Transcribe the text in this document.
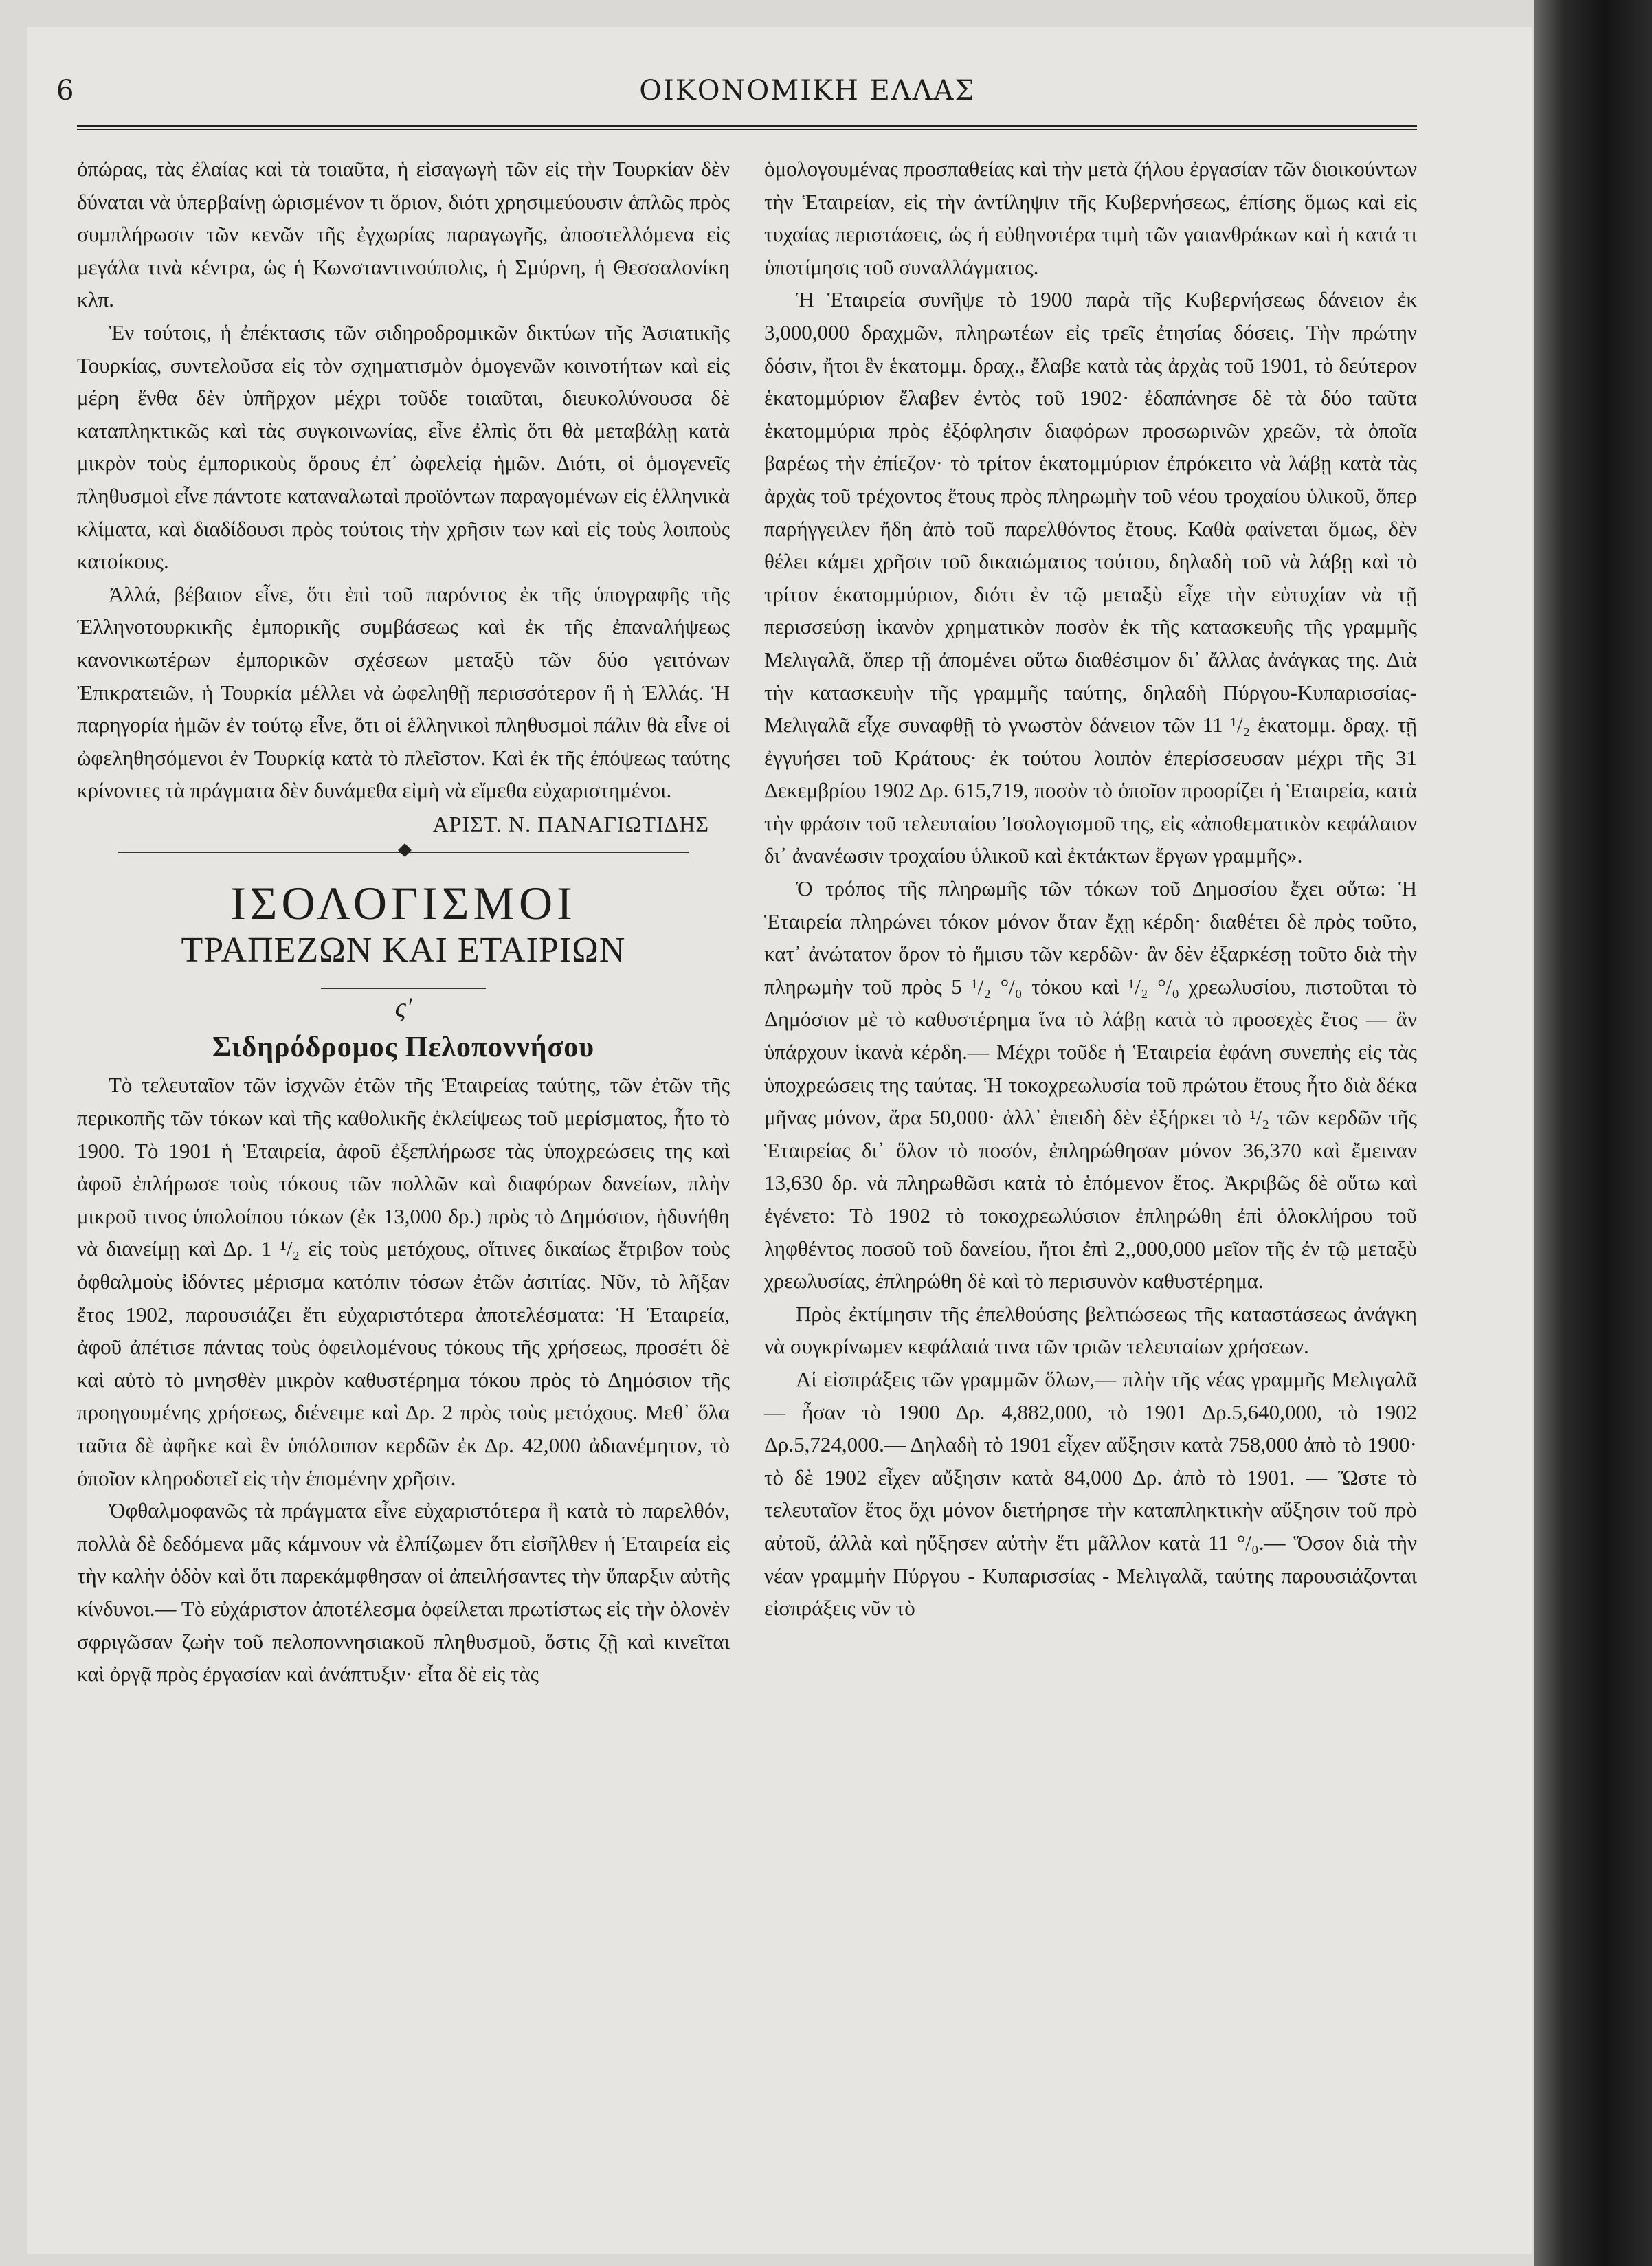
6	ΟΙΚΟΝΟΜΙΚΗ ΕΛΛΑΣ

ὀπώρας, τὰς ἐλαίας καὶ τὰ τοιαῦτα, ἡ εἰσαγωγὴ τῶν εἰς τὴν Τουρκίαν δὲν δύναται νὰ ὑπερβαίνῃ ὡρισμένον τι ὅριον, διότι χρησιμεύουσιν ἁπλῶς πρὸς συμπλήρωσιν τῶν κενῶν τῆς ἐγχωρίας παραγωγῆς, ἀποστελλόμενα εἰς μεγάλα τινὰ κέντρα, ὡς ἡ Κωνσταντινούπολις, ἡ Σμύρνη, ἡ Θεσσαλονίκη κλπ.

Ἐν τούτοις, ἡ ἐπέκτασις τῶν σιδηροδρομικῶν δικτύων τῆς Ἀσιατικῆς Τουρκίας, συντελοῦσα εἰς τὸν σχηματισμὸν ὁμογενῶν κοινοτήτων καὶ εἰς μέρη ἔνθα δὲν ὑπῆρχον μέχρι τοῦδε τοιαῦται, διευκολύνουσα δὲ καταπληκτικῶς καὶ τὰς συγκοινωνίας, εἶνε ἐλπὶς ὅτι θὰ μεταβάλῃ κατὰ μικρὸν τοὺς ἐμπορικοὺς ὅρους ἐπ᾽ ὠφελείᾳ ἡμῶν. Διότι, οἱ ὁμογενεῖς πληθυσμοὶ εἶνε πάντοτε καταναλωταὶ προϊόντων παραγομένων εἰς ἑλληνικὰ κλίματα, καὶ διαδίδουσι πρὸς τούτοις τὴν χρῆσιν των καὶ εἰς τοὺς λοιποὺς κατοίκους.

Ἀλλά, βέβαιον εἶνε, ὅτι ἐπὶ τοῦ παρόντος ἐκ τῆς ὑπογραφῆς τῆς Ἑλληνοτουρκικῆς ἐμπορικῆς συμβάσεως καὶ ἐκ τῆς ἐπαναλήψεως κανονικωτέρων ἐμπορικῶν σχέσεων μεταξὺ τῶν δύο γειτόνων Ἐπικρατειῶν, ἡ Τουρκία μέλλει νὰ ὠφεληθῇ περισσότερον ἢ ἡ Ἑλλάς. Ἡ παρηγορία ἡμῶν ἐν τούτῳ εἶνε, ὅτι οἱ ἑλληνικοὶ πληθυσμοὶ πάλιν θὰ εἶνε οἱ ὠφεληθησόμενοι ἐν Τουρκίᾳ κατὰ τὸ πλεῖστον. Καὶ ἐκ τῆς ἐπόψεως ταύτης κρίνοντες τὰ πράγματα δὲν δυνάμεθα εἰμὴ νὰ εἴμεθα εὐχαριστημένοι.

ΑΡΙΣΤ. Ν. ΠΑΝΑΓΙΩΤΙΔΗΣ

ΙΣΟΛΟΓΙΣΜΟΙ

ΤΡΑΠΕΖΩΝ ΚΑΙ ΕΤΑΙΡΙΩΝ

ς'

Σιδηρόδρομος Πελοποννήσου

Τὸ τελευταῖον τῶν ἰσχνῶν ἐτῶν τῆς Ἑταιρείας ταύτης, τῶν ἐτῶν τῆς περικοπῆς τῶν τόκων καὶ τῆς καθολικῆς ἐκλείψεως τοῦ μερίσματος, ἦτο τὸ 1900. Τὸ 1901 ἡ Ἑταιρεία, ἀφοῦ ἐξεπλήρωσε τὰς ὑποχρεώσεις της καὶ ἀφοῦ ἐπλήρωσε τοὺς τόκους τῶν πολλῶν καὶ διαφόρων δανείων, πλὴν μικροῦ τινος ὑπολοίπου τόκων (ἐκ 13,000 δρ.) πρὸς τὸ Δημόσιον, ἠδυνήθη νὰ διανείμῃ καὶ Δρ. 1 ¹/₂ εἰς τοὺς μετόχους, οἵτινες δικαίως ἔτριβον τοὺς ὀφθαλμοὺς ἰδόντες μέρισμα κατόπιν τόσων ἐτῶν ἀσιτίας. Νῦν, τὸ λῆξαν ἔτος 1902, παρουσιάζει ἔτι εὐχαριστότερα ἀποτελέσματα: Ἡ Ἑταιρεία, ἀφοῦ ἀπέτισε πάντας τοὺς ὀφειλομένους τόκους τῆς χρήσεως, προσέτι δὲ καὶ αὐτὸ τὸ μνησθὲν μικρὸν καθυστέρημα τόκου πρὸς τὸ Δημόσιον τῆς προηγουμένης χρήσεως, διένειμε καὶ Δρ. 2 πρὸς τοὺς μετόχους. Μεθ᾽ ὅλα ταῦτα δὲ ἀφῆκε καὶ ἓν ὑπόλοιπον κερδῶν ἐκ Δρ. 42,000 ἀδιανέμητον, τὸ ὁποῖον κληροδοτεῖ εἰς τὴν ἑπομένην χρῆσιν.

Ὀφθαλμοφανῶς τὰ πράγματα εἶνε εὐχαριστότερα ἢ κατὰ τὸ παρελθόν, πολλὰ δὲ δεδόμενα μᾶς κάμνουν νὰ ἐλπίζωμεν ὅτι εἰσῆλθεν ἡ Ἑταιρεία εἰς τὴν καλὴν ὁδὸν καὶ ὅτι παρεκάμφθησαν οἱ ἀπειλήσαντες τὴν ὕπαρξιν αὐτῆς κίνδυνοι.— Τὸ εὐχάριστον ἀποτέλεσμα ὀφείλεται πρωτίστως εἰς τὴν ὁλονὲν σφριγῶσαν ζωὴν τοῦ πελοποννησιακοῦ πληθυσμοῦ, ὅστις ζῇ καὶ κινεῖται καὶ ὀργᾷ πρὸς ἐργασίαν καὶ ἀνάπτυξιν· εἶτα δὲ εἰς τὰς

ὁμολογουμένας προσπαθείας καὶ τὴν μετὰ ζήλου ἐργασίαν τῶν διοικούντων τὴν Ἑταιρείαν, εἰς τὴν ἀντίληψιν τῆς Κυβερνήσεως, ἐπίσης ὅμως καὶ εἰς τυχαίας περιστάσεις, ὡς ἡ εὐθηνοτέρα τιμὴ τῶν γαιανθράκων καὶ ἡ κατά τι ὑποτίμησις τοῦ συναλλάγματος.

Ἡ Ἑταιρεία συνῆψε τὸ 1900 παρὰ τῆς Κυβερνήσεως δάνειον ἐκ 3,000,000 δραχμῶν, πληρωτέων εἰς τρεῖς ἐτησίας δόσεις. Τὴν πρώτην δόσιν, ἤτοι ἓν ἑκατομμ. δραχ., ἔλαβε κατὰ τὰς ἀρχὰς τοῦ 1901, τὸ δεύτερον ἑκατομμύριον ἔλαβεν ἐντὸς τοῦ 1902· ἐδαπάνησε δὲ τὰ δύο ταῦτα ἑκατομμύρια πρὸς ἐξόφλησιν διαφόρων προσωρινῶν χρεῶν, τὰ ὁποῖα βαρέως τὴν ἐπίεζον· τὸ τρίτον ἑκατομμύριον ἐπρόκειτο νὰ λάβῃ κατὰ τὰς ἀρχὰς τοῦ τρέχοντος ἔτους πρὸς πληρωμὴν τοῦ νέου τροχαίου ὑλικοῦ, ὅπερ παρήγγειλεν ἤδη ἀπὸ τοῦ παρελθόντος ἔτους. Καθὰ φαίνεται ὅμως, δὲν θέλει κάμει χρῆσιν τοῦ δικαιώματος τούτου, δηλαδὴ τοῦ νὰ λάβῃ καὶ τὸ τρίτον ἑκατομμύριον, διότι ἐν τῷ μεταξὺ εἶχε τὴν εὐτυχίαν νὰ τῇ περισσεύσῃ ἱκανὸν χρηματικὸν ποσὸν ἐκ τῆς κατασκευῆς τῆς γραμμῆς Μελιγαλᾶ, ὅπερ τῇ ἀπομένει οὕτω διαθέσιμον δι᾽ ἄλλας ἀνάγκας της. Διὰ τὴν κατασκευὴν τῆς γραμμῆς ταύτης, δηλαδὴ Πύργου-Κυπαρισσίας-Μελιγαλᾶ εἶχε συναφθῇ τὸ γνωστὸν δάνειον τῶν 11 ¹/₂ ἑκατομμ. δραχ. τῇ ἐγγυήσει τοῦ Κράτους· ἐκ τούτου λοιπὸν ἐπερίσσευσαν μέχρι τῆς 31 Δεκεμβρίου 1902 Δρ. 615,719, ποσὸν τὸ ὁποῖον προορίζει ἡ Ἑταιρεία, κατὰ τὴν φράσιν τοῦ τελευταίου Ἰσολογισμοῦ της, εἰς «ἀποθεματικὸν κεφάλαιον δι᾽ ἀνανέωσιν τροχαίου ὑλικοῦ καὶ ἐκτάκτων ἔργων γραμμῆς».

Ὁ τρόπος τῆς πληρωμῆς τῶν τόκων τοῦ Δημοσίου ἔχει οὕτω: Ἡ Ἑταιρεία πληρώνει τόκον μόνον ὅταν ἔχῃ κέρδη· διαθέτει δὲ πρὸς τοῦτο, κατ᾽ ἀνώτατον ὅρον τὸ ἥμισυ τῶν κερδῶν· ἂν δὲν ἐξαρκέσῃ τοῦτο διὰ τὴν πληρωμὴν τοῦ πρὸς 5 ¹/₂ °/₀ τόκου καὶ ¹/₂ °/₀ χρεωλυσίου, πιστοῦται τὸ Δημόσιον μὲ τὸ καθυστέρημα ἵνα τὸ λάβῃ κατὰ τὸ προσεχὲς ἔτος — ἂν ὑπάρχουν ἱκανὰ κέρδη.— Μέχρι τοῦδε ἡ Ἑταιρεία ἐφάνη συνεπὴς εἰς τὰς ὑποχρεώσεις της ταύτας. Ἡ τοκοχρεωλυσία τοῦ πρώτου ἔτους ἦτο διὰ δέκα μῆνας μόνον, ἄρα 50,000· ἀλλ᾽ ἐπειδὴ δὲν ἐξήρκει τὸ ¹/₂ τῶν κερδῶν τῆς Ἑταιρείας δι᾽ ὅλον τὸ ποσόν, ἐπληρώθησαν μόνον 36,370 καὶ ἔμειναν 13,630 δρ. νὰ πληρωθῶσι κατὰ τὸ ἑπόμενον ἔτος. Ἀκριβῶς δὲ οὕτω καὶ ἐγένετο: Τὸ 1902 τὸ τοκοχρεωλύσιον ἐπληρώθη ἐπὶ ὁλοκλήρου τοῦ ληφθέντος ποσοῦ τοῦ δανείου, ἤτοι ἐπὶ 2,,000,000 μεῖον τῆς ἐν τῷ μεταξὺ χρεωλυσίας, ἐπληρώθη δὲ καὶ τὸ περισυνὸν καθυστέρημα.

Πρὸς ἐκτίμησιν τῆς ἐπελθούσης βελτιώσεως τῆς καταστάσεως ἀνάγκη νὰ συγκρίνωμεν κεφάλαιά τινα τῶν τριῶν τελευταίων χρήσεων.

Αἱ εἰσπράξεις τῶν γραμμῶν ὅλων,— πλὴν τῆς νέας γραμμῆς Μελιγαλᾶ — ἦσαν τὸ 1900 Δρ. 4,882,000, τὸ 1901 Δρ.5,640,000, τὸ 1902 Δρ.5,724,000.— Δηλαδὴ τὸ 1901 εἶχεν αὔξησιν κατὰ 758,000 ἀπὸ τὸ 1900· τὸ δὲ 1902 εἶχεν αὔξησιν κατὰ 84,000 Δρ. ἀπὸ τὸ 1901. — Ὥστε τὸ τελευταῖον ἔτος ὄχι μόνον διετήρησε τὴν καταπληκτικὴν αὔξησιν τοῦ πρὸ αὐτοῦ, ἀλλὰ καὶ ηὔξησεν αὐτὴν ἔτι μᾶλλον κατὰ 11 °/₀.— Ὅσον διὰ τὴν νέαν γραμμὴν Πύργου - Κυπαρισσίας - Μελιγαλᾶ, ταύτης παρουσιάζονται εἰσπράξεις νῦν τὸ
